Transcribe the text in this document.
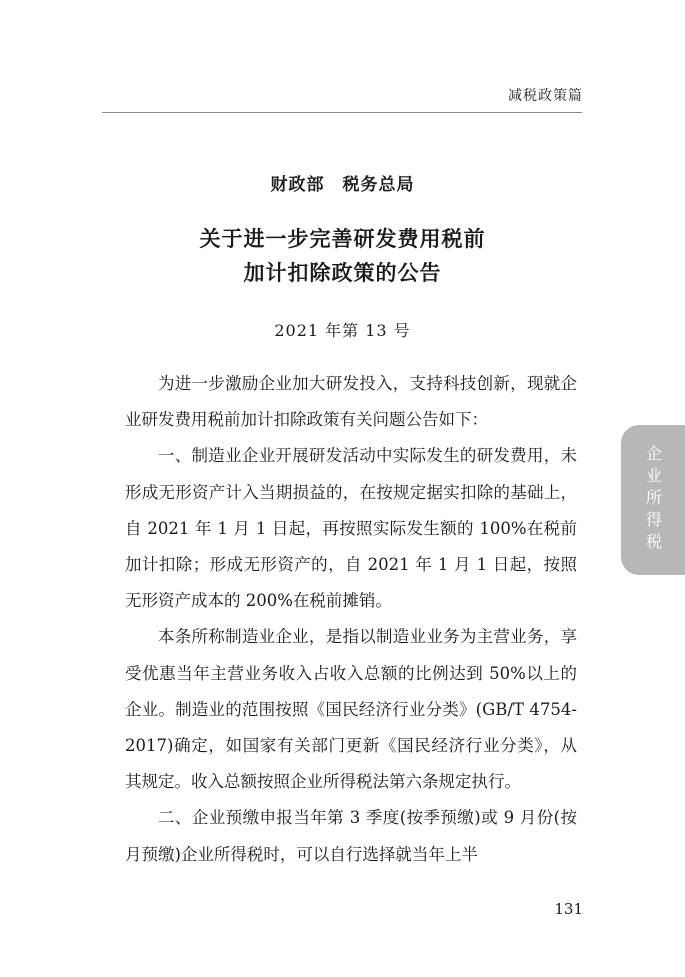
减税政策篇
财政部　税务总局
关于进一步完善研发费用税前
加计扣除政策的公告
2021 年第 13 号

为进一步激励企业加大研发投入，支持科技创新，现就企业研发费用税前加计扣除政策有关问题公告如下：

一、制造业企业开展研发活动中实际发生的研发费用，未形成无形资产计入当期损益的，在按规定据实扣除的基础上，自 2021 年 1 月 1 日起，再按照实际发生额的 100%在税前加计扣除；形成无形资产的，自 2021 年 1 月 1 日起，按照无形资产成本的 200%在税前摊销。

本条所称制造业企业，是指以制造业业务为主营业务，享受优惠当年主营业务收入占收入总额的比例达到 50%以上的企业。制造业的范围按照《国民经济行业分类》(GB/T 4754-2017)确定，如国家有关部门更新《国民经济行业分类》，从其规定。收入总额按照企业所得税法第六条规定执行。

二、企业预缴申报当年第 3 季度(按季预缴)或 9 月份(按月预缴)企业所得税时，可以自行选择就当年上半

企业所得税
131
